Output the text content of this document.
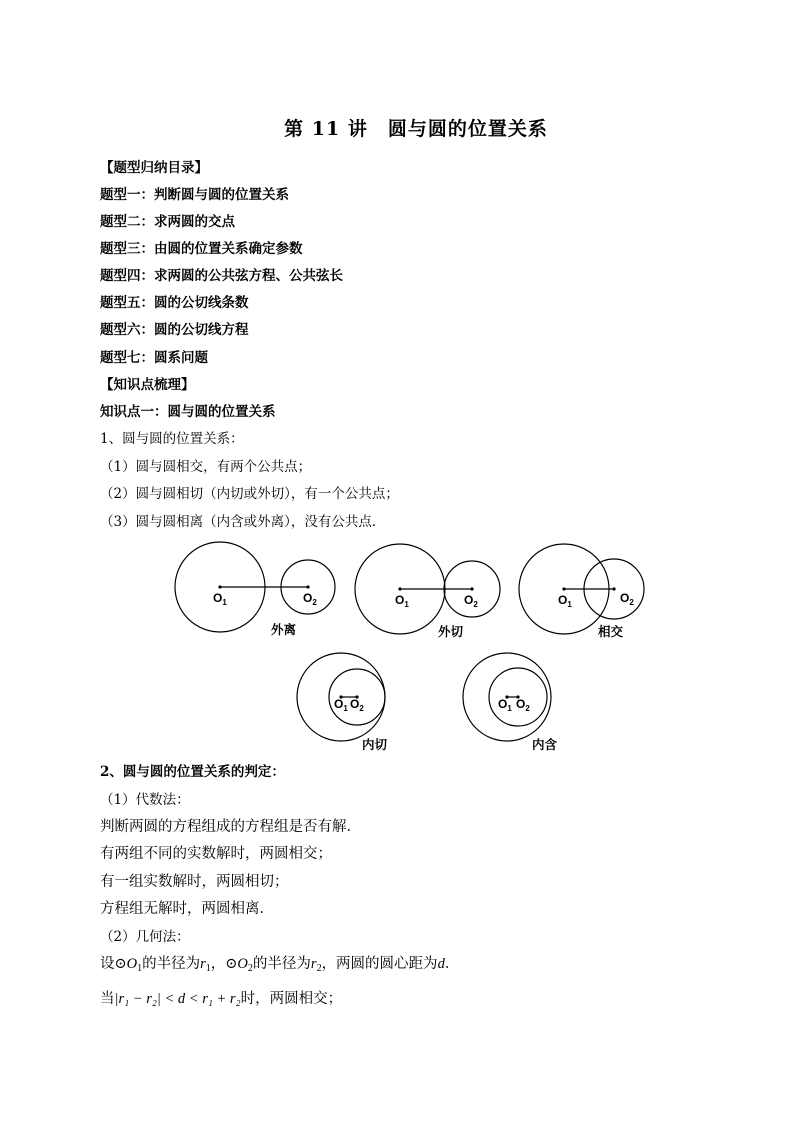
第 11 讲　圆与圆的位置关系
【题型归纳目录】
题型一：判断圆与圆的位置关系
题型二：求两圆的交点
题型三：由圆的位置关系确定参数
题型四：求两圆的公共弦方程、公共弦长
题型五：圆的公切线条数
题型六：圆的公切线方程
题型七：圆系问题
【知识点梳理】
知识点一：圆与圆的位置关系
1、圆与圆的位置关系：
（1）圆与圆相交，有两个公共点；
（2）圆与圆相切（内切或外切），有一个公共点；
（3）圆与圆相离（内含或外离），没有公共点．
$O_1$	$O_2$	$O_1$	$O_2$	$O_1$	$O_2$
$O_1$ $O_2$	$O_1$ $O_2$
外离	外切	相交
内切	内含
2、圆与圆的位置关系的判定：
（1）代数法：
判断两圆的方程组成的方程组是否有解．
有两组不同的实数解时，两圆相交；
有一组实数解时，两圆相切；
方程组无解时，两圆相离．
（2）几何法：
设$⊙O_1$的半径为$r_1$，$⊙O_2$的半径为$r_2$，两圆的圆心距为d．
当|r₁ − r₂| < d < r₁ + r₂时，两圆相交；
